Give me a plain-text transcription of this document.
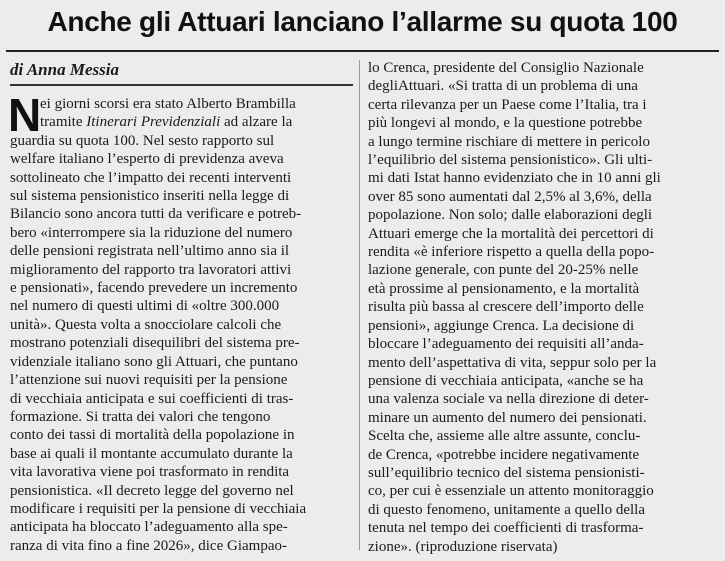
Anche gli Attuari lanciano l’allarme su quota 100
di Anna Messia
N
ei giorni scorsi era stato Alberto Brambilla
tramite Itinerari Previdenziali ad alzare la
guardia su quota 100. Nel sesto rapporto sul
welfare italiano l’esperto di previdenza aveva
sottolineato che l’impatto dei recenti interventi
sul sistema pensionistico inseriti nella legge di
Bilancio sono ancora tutti da verificare e potreb-
bero «interrompere sia la riduzione del numero
delle pensioni registrata nell’ultimo anno sia il
miglioramento del rapporto tra lavoratori attivi
e pensionati», facendo prevedere un incremento
nel numero di questi ultimi di «oltre 300.000
unità». Questa volta a snocciolare calcoli che
mostrano potenziali disequilibri del sistema pre-
videnziale italiano sono gli Attuari, che puntano
l’attenzione sui nuovi requisiti per la pensione
di vecchiaia anticipata e sui coefficienti di tras-
formazione. Si tratta dei valori che tengono
conto dei tassi di mortalità della popolazione in
base ai quali il montante accumulato durante la
vita lavorativa viene poi trasformato in rendita
pensionistica. «Il decreto legge del governo nel
modificare i requisiti per la pensione di vecchiaia
anticipata ha bloccato l’adeguamento alla spe-
ranza di vita fino a fine 2026», dice Giampao-
lo Crenca, presidente del Consiglio Nazionale
degliAttuari. «Si tratta di un problema di una
certa rilevanza per un Paese come l’Italia, tra i
più longevi al mondo, e la questione potrebbe
a lungo termine rischiare di mettere in pericolo
l’equilibrio del sistema pensionistico». Gli ulti-
mi dati Istat hanno evidenziato che in 10 anni gli
over 85 sono aumentati dal 2,5% al 3,6%, della
popolazione. Non solo; dalle elaborazioni degli
Attuari emerge che la mortalità dei percettori di
rendita «è inferiore rispetto a quella della popo-
lazione generale, con punte del 20-25% nelle
età prossime al pensionamento, e la mortalità
risulta più bassa al crescere dell’importo delle
pensioni», aggiunge Crenca. La decisione di
bloccare l’adeguamento dei requisiti all’anda-
mento dell’aspettativa di vita, seppur solo per la
pensione di vecchiaia anticipata, «anche se ha
una valenza sociale va nella direzione di deter-
minare un aumento del numero dei pensionati.
Scelta che, assieme alle altre assunte, conclu-
de Crenca, «potrebbe incidere negativamente
sull’equilibrio tecnico del sistema pensionisti-
co, per cui è essenziale un attento monitoraggio
di questo fenomeno, unitamente a quello della
tenuta nel tempo dei coefficienti di trasforma-
zione». (riproduzione riservata)
